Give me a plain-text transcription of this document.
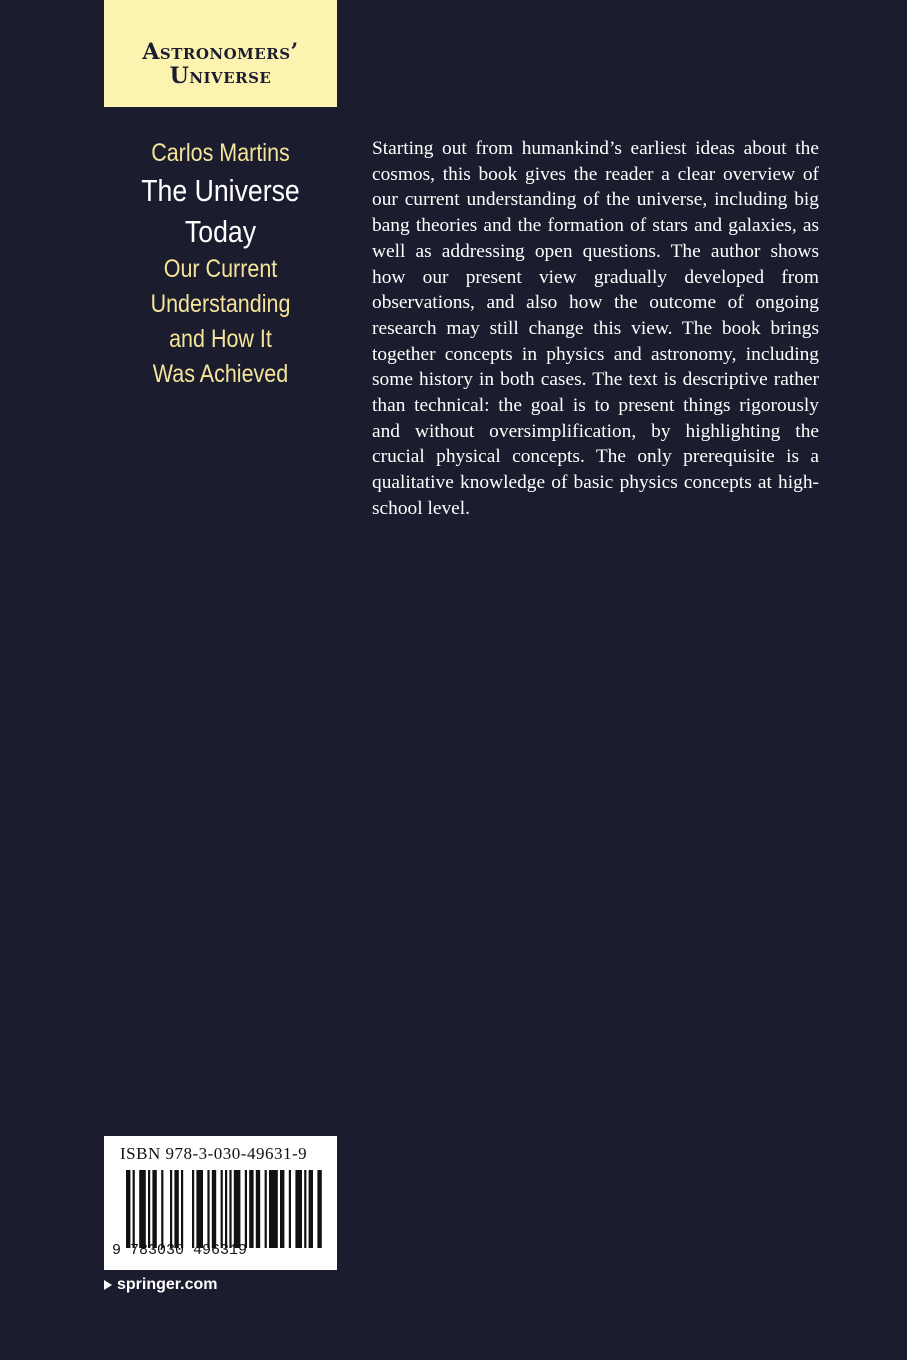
Astronomers’
Universe
Carlos Martins
The Universe
Today
Our Current
Understanding
and How It
Was Achieved

Starting out from humankind’s earliest ideas about the cosmos, this book gives the reader a clear overview of our current understanding of the universe, including big bang theories and the formation of stars and galaxies, as well as addressing open questions. The author shows how our present view gradually developed from observations, and also how the outcome of ongoing research may still change this view. The book brings together concepts in physics and astronomy, including some history in both cases. The text is descriptive rather than technical: the goal is to present things rigorously and without oversimplification, by highlighting the crucial physical concepts. The only prerequisite is a qualitative knowledge of basic physics concepts at high-school level.

ISBN 978-3-030-49631-9
9 783030 496319
springer.com
